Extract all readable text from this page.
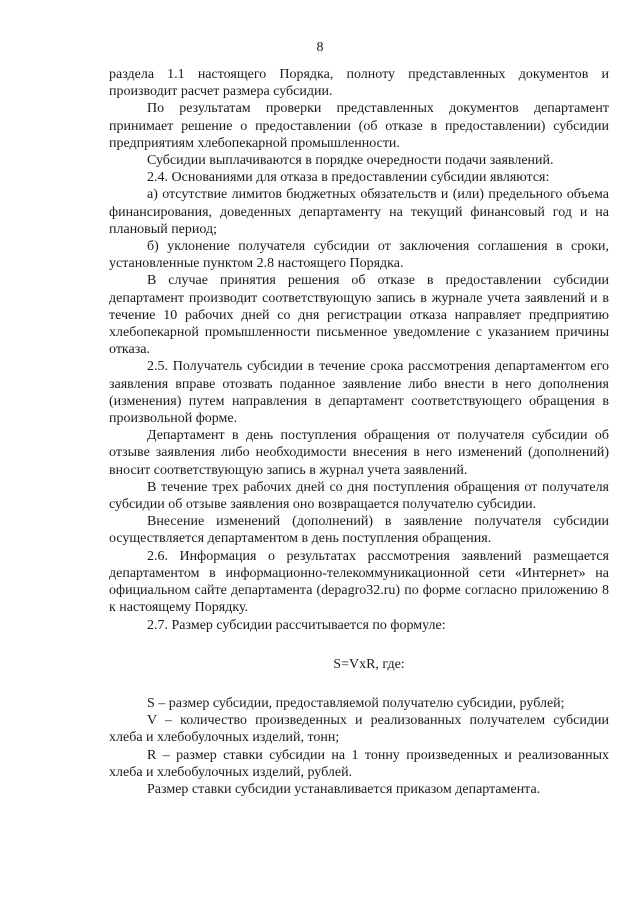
8

раздела 1.1 настоящего Порядка, полноту представленных документов и производит расчет размера субсидии.

По результатам проверки представленных документов департамент принимает решение о предоставлении (об отказе в предоставлении) субсидии предприятиям хлебопекарной промышленности.

Субсидии выплачиваются в порядке очередности подачи заявлений.

2.4. Основаниями для отказа в предоставлении субсидии являются:

а) отсутствие лимитов бюджетных обязательств и (или) предельного объема финансирования, доведенных департаменту на текущий финансовый год и на плановый период;

б) уклонение получателя субсидии от заключения соглашения в сроки, установленные пунктом 2.8 настоящего Порядка.

В случае принятия решения об отказе в предоставлении субсидии департамент производит соответствующую запись в журнале учета заявлений и в течение 10 рабочих дней со дня регистрации отказа направляет предприятию хлебопекарной промышленности письменное уведомление с указанием причины отказа.

2.5. Получатель субсидии в течение срока рассмотрения департаментом его заявления вправе отозвать поданное заявление либо внести в него дополнения (изменения) путем направления в департамент соответствующего обращения в произвольной форме.

Департамент в день поступления обращения от получателя субсидии об отзыве заявления либо необходимости внесения в него изменений (дополнений) вносит соответствующую запись в журнал учета заявлений.

В течение трех рабочих дней со дня поступления обращения от получателя субсидии об отзыве заявления оно возвращается получателю субсидии.

Внесение изменений (дополнений) в заявление получателя субсидии осуществляется департаментом в день поступления обращения.

2.6. Информация о результатах рассмотрения заявлений размещается департаментом в информационно-телекоммуникационной сети «Интернет» на официальном сайте департамента (depagro32.ru) по форме согласно приложению 8 к настоящему Порядку.

2.7. Размер субсидии рассчитывается по формуле:

S=VxR, где:

S – размер субсидии, предоставляемой получателю субсидии, рублей;

V – количество произведенных и реализованных получателем субсидии хлеба и хлебобулочных изделий, тонн;

R – размер ставки субсидии на 1 тонну произведенных и реализованных хлеба и хлебобулочных изделий, рублей.

Размер ставки субсидии устанавливается приказом департамента.
